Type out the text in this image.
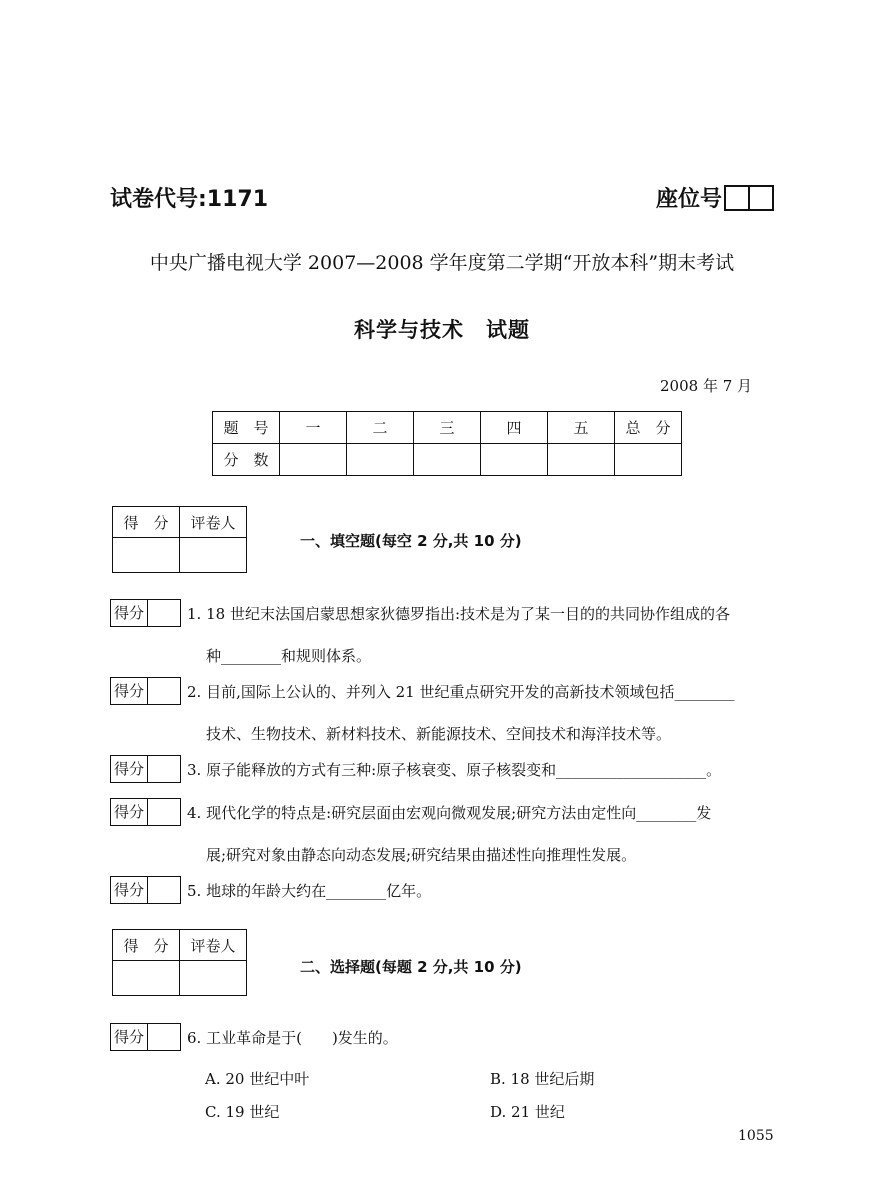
试卷代号:1171	座位号
中央广播电视大学 2007—2008 学年度第二学期“开放本科”期末考试
科学与技术　试题
2008 年 7 月
题　号	一	二	三	四	五	总　分
分　数						
得　分	评卷人

一、填空题(每空 2 分,共 10 分)
得分	1. 18 世纪末法国启蒙思想家狄德罗指出:技术是为了某一目的的共同协作组成的各
种________和规则体系。
得分	2. 目前,国际上公认的、并列入 21 世纪重点研究开发的高新技术领域包括________
技术、生物技术、新材料技术、新能源技术、空间技术和海洋技术等。
得分	3. 原子能释放的方式有三种:原子核衰变、原子核裂变和____________________。
得分	4. 现代化学的特点是:研究层面由宏观向微观发展;研究方法由定性向________发
展;研究对象由静态向动态发展;研究结果由描述性向推理性发展。
得分	5. 地球的年龄大约在________亿年。
得　分	评卷人

二、选择题(每题 2 分,共 10 分)
得分	6. 工业革命是于(　　)发生的。
A. 20 世纪中叶	B. 18 世纪后期
C. 19 世纪	D. 21 世纪
1055
